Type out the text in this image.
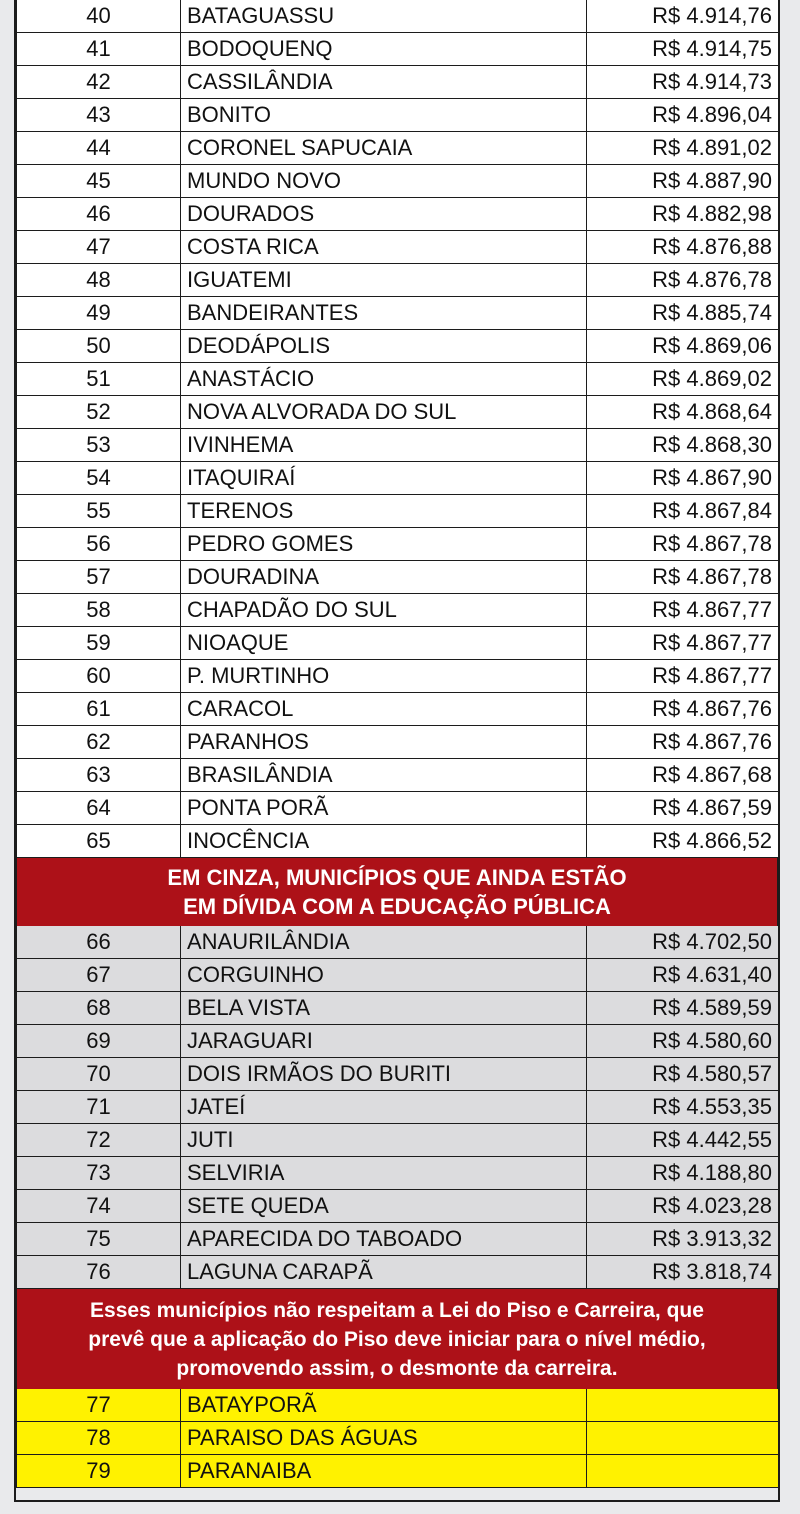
40	BATAGUASSU	R$ 4.914,76
41	BODOQUENQ	R$ 4.914,75
42	CASSILÂNDIA	R$ 4.914,73
43	BONITO	R$ 4.896,04
44	CORONEL SAPUCAIA	R$ 4.891,02
45	MUNDO NOVO	R$ 4.887,90
46	DOURADOS	R$ 4.882,98
47	COSTA RICA	R$ 4.876,88
48	IGUATEMI	R$ 4.876,78
49	BANDEIRANTES	R$ 4.885,74
50	DEODÁPOLIS	R$ 4.869,06
51	ANASTÁCIO	R$ 4.869,02
52	NOVA ALVORADA DO SUL	R$ 4.868,64
53	IVINHEMA	R$ 4.868,30
54	ITAQUIRAÍ	R$ 4.867,90
55	TERENOS	R$ 4.867,84
56	PEDRO GOMES	R$ 4.867,78
57	DOURADINA	R$ 4.867,78
58	CHAPADÃO DO SUL	R$ 4.867,77
59	NIOAQUE	R$ 4.867,77
60	P. MURTINHO	R$ 4.867,77
61	CARACOL	R$ 4.867,76
62	PARANHOS	R$ 4.867,76
63	BRASILÂNDIA	R$ 4.867,68
64	PONTA PORÃ	R$ 4.867,59
65	INOCÊNCIA	R$ 4.866,52
EM CINZA, MUNICÍPIOS QUE AINDA ESTÃO
EM DÍVIDA COM A EDUCAÇÃO PÚBLICA
66	ANAURILÂNDIA	R$ 4.702,50
67	CORGUINHO	R$ 4.631,40
68	BELA VISTA	R$ 4.589,59
69	JARAGUARI	R$ 4.580,60
70	DOIS IRMÃOS DO BURITI	R$ 4.580,57
71	JATEÍ	R$ 4.553,35
72	JUTI	R$ 4.442,55
73	SELVIRIA	R$ 4.188,80
74	SETE QUEDA	R$ 4.023,28
75	APARECIDA DO TABOADO	R$ 3.913,32
76	LAGUNA CARAPÃ	R$ 3.818,74
Esses municípios não respeitam a Lei do Piso e Carreira, que
prevê que a aplicação do Piso deve iniciar para o nível médio,
promovendo assim, o desmonte da carreira.
77	BATAYPORÃ	
78	PARAISO DAS ÁGUAS	
79	PARANAIBA	
